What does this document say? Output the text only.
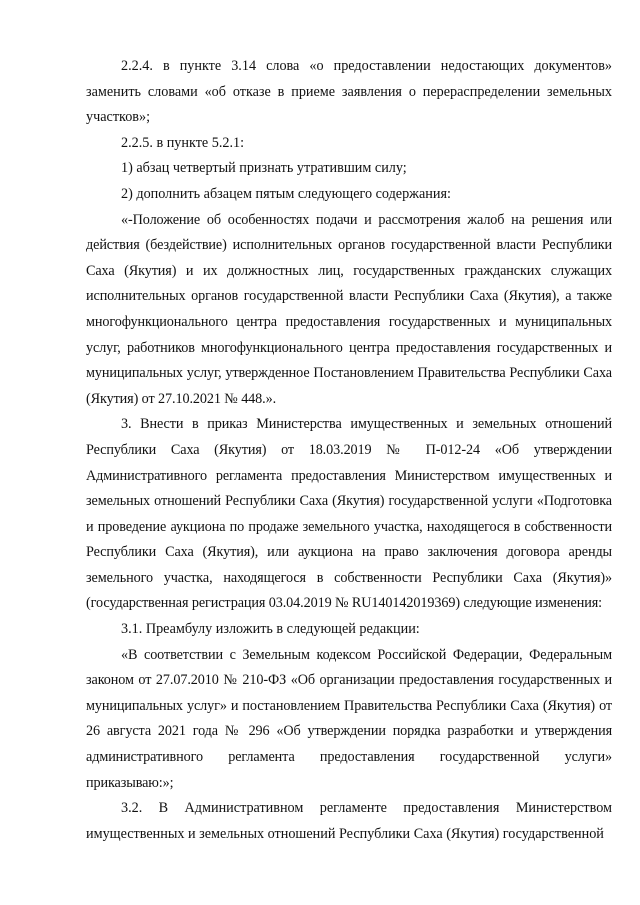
2.2.4. в пункте 3.14 слова «о предоставлении недостающих документов» заменить словами «об отказе в приеме заявления о перераспределении земельных участков»;

2.2.5. в пункте 5.2.1:

1) абзац четвертый признать утратившим силу;

2) дополнить абзацем пятым следующего содержания:

«-Положение об особенностях подачи и рассмотрения жалоб на решения или действия (бездействие) исполнительных органов государственной власти Республики Саха (Якутия) и их должностных лиц, государственных гражданских служащих исполнительных органов государственной власти Республики Саха (Якутия), а также многофункционального центра предоставления государственных и муниципальных услуг, работников многофункционального центра предоставления государственных и муниципальных услуг, утвержденное Постановлением Правительства Республики Саха (Якутия) от 27.10.2021 № 448.».

3. Внести в приказ Министерства имущественных и земельных отношений Республики Саха (Якутия) от 18.03.2019 № П-012-24 «Об утверждении Административного регламента предоставления Министерством имущественных и земельных отношений Республики Саха (Якутия) государственной услуги «Подготовка и проведение аукциона по продаже земельного участка, находящегося в собственности Республики Саха (Якутия), или аукциона на право заключения договора аренды земельного участка, находящегося в собственности Республики Саха (Якутия)» (государственная регистрация 03.04.2019 № RU140142019369) следующие изменения:

3.1. Преамбулу изложить в следующей редакции:

«В соответствии с Земельным кодексом Российской Федерации, Федеральным законом от 27.07.2010 № 210-ФЗ «Об организации предоставления государственных и муниципальных услуг» и постановлением Правительства Республики Саха (Якутия) от 26 августа 2021 года № 296 «Об утверждении порядка разработки и утверждения административного регламента предоставления государственной услуги» приказываю:»;

3.2. В Административном регламенте предоставления Министерством имущественных и земельных отношений Республики Саха (Якутия) государственной
